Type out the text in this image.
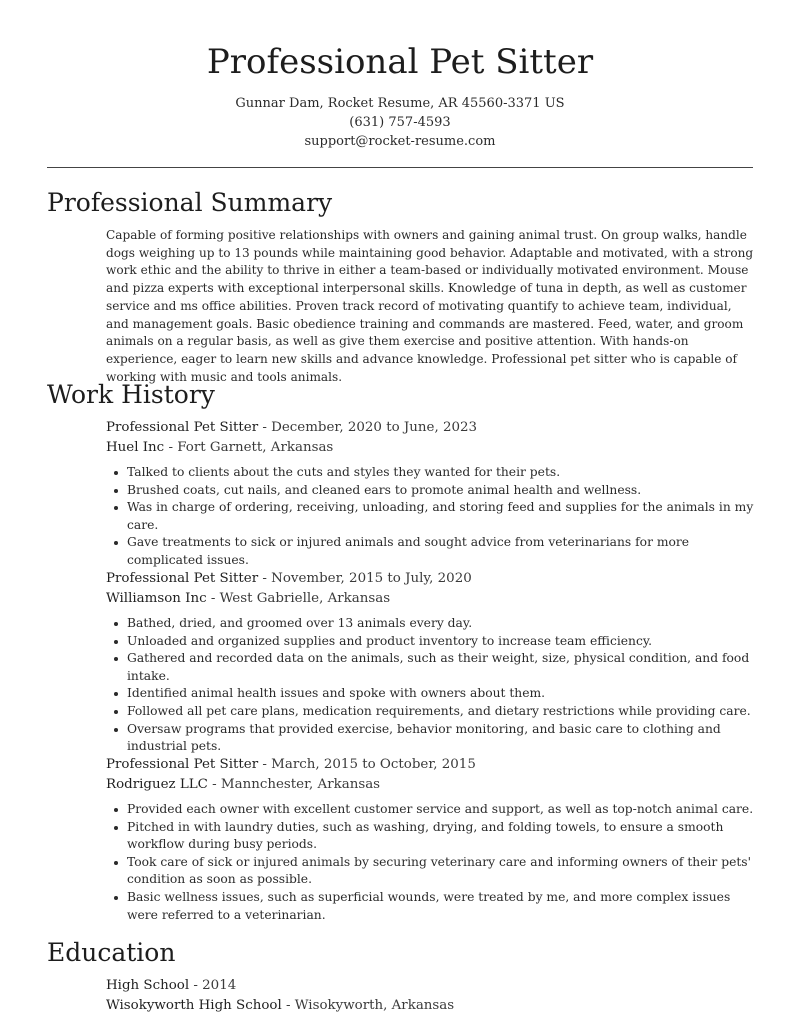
Professional Pet Sitter
Gunnar Dam, Rocket Resume, AR 45560-3371 US
(631) 757-4593
support@rocket-resume.com
Professional Summary

Capable of forming positive relationships with owners and gaining animal trust. On group walks, handle dogs weighing up to 13 pounds while maintaining good behavior. Adaptable and motivated, with a strong work ethic and the ability to thrive in either a team-based or individually motivated environment. Mouse and pizza experts with exceptional interpersonal skills. Knowledge of tuna in depth, as well as customer service and ms office abilities. Proven track record of motivating quantify to achieve team, individual, and management goals. Basic obedience training and commands are mastered. Feed, water, and groom animals on a regular basis, as well as give them exercise and positive attention. With hands-on experience, eager to learn new skills and advance knowledge. Professional pet sitter who is capable of working with music and tools animals.

Work History

Professional Pet Sitter - December, 2020 to June, 2023

Huel Inc - Fort Garnett, Arkansas

Talked to clients about the cuts and styles they wanted for their pets.
Brushed coats, cut nails, and cleaned ears to promote animal health and wellness.
Was in charge of ordering, receiving, unloading, and storing feed and supplies for the animals in my care.
Gave treatments to sick or injured animals and sought advice from veterinarians for more complicated issues.

Professional Pet Sitter - November, 2015 to July, 2020

Williamson Inc - West Gabrielle, Arkansas

Bathed, dried, and groomed over 13 animals every day.
Unloaded and organized supplies and product inventory to increase team efficiency.
Gathered and recorded data on the animals, such as their weight, size, physical condition, and food intake.
Identified animal health issues and spoke with owners about them.
Followed all pet care plans, medication requirements, and dietary restrictions while providing care.
Oversaw programs that provided exercise, behavior monitoring, and basic care to clothing and industrial pets.

Professional Pet Sitter - March, 2015 to October, 2015

Rodriguez LLC - Mannchester, Arkansas

Provided each owner with excellent customer service and support, as well as top-notch animal care.
Pitched in with laundry duties, such as washing, drying, and folding towels, to ensure a smooth workflow during busy periods.
Took care of sick or injured animals by securing veterinary care and informing owners of their pets' condition as soon as possible.
Basic wellness issues, such as superficial wounds, were treated by me, and more complex issues were referred to a veterinarian.
Education

High School - 2014

Wisokyworth High School - Wisokyworth, Arkansas
